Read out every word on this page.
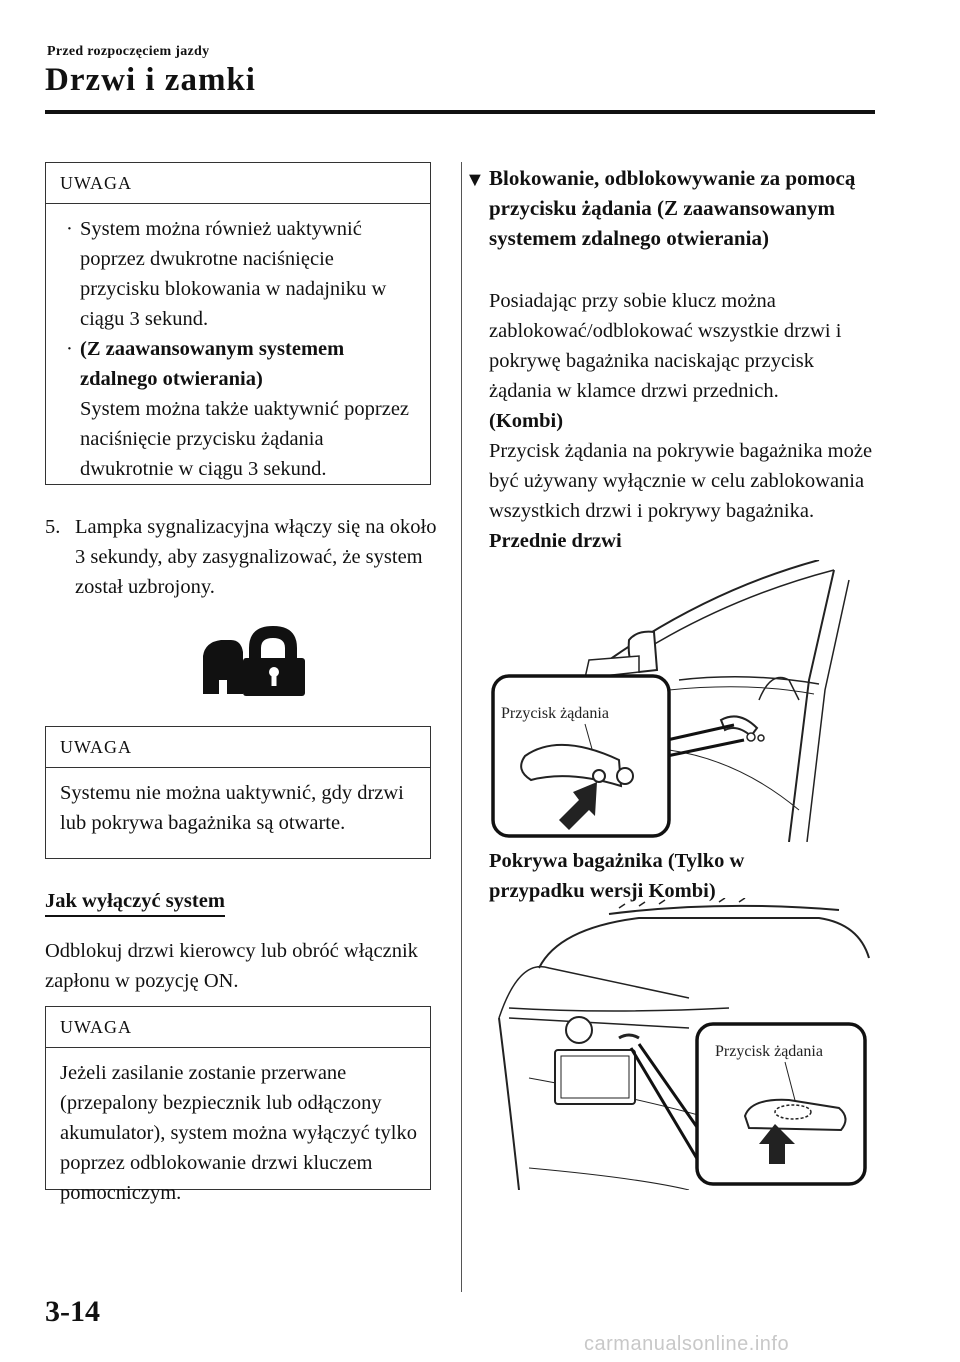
Przed rozpoczęciem jazdy
Drzwi i zamki
UWAGA

· System można również uaktywnić poprzez dwukrotne naciśnięcie przycisku blokowania w nadajniku w ciągu 3 sekund.

· (Z zaawansowanym systemem zdalnego otwierania)
System można także uaktywnić poprzez naciśnięcie przycisku żądania dwukrotnie w ciągu 3 sekund.

5. Lampka sygnalizacyjna włączy się na około 3 sekundy, aby zasygnalizować, że system został uzbrojony.
UWAGA

Systemu nie można uaktywnić, gdy drzwi lub pokrywa bagażnika są otwarte.

Jak wyłączyć system
Odblokuj drzwi kierowcy lub obróć włącznik zapłonu w pozycję ON.
UWAGA

Jeżeli zasilanie zostanie przerwane (przepalony bezpiecznik lub odłączony akumulator), system można wyłączyć tylko poprzez odblokowanie drzwi kluczem pomocniczym.

▼ Blokowanie, odblokowywanie za pomocą przycisku żądania (Z zaawansowanym systemem zdalnego otwierania)
Posiadając przy sobie klucz można zablokować/odblokować wszystkie drzwi i pokrywę bagażnika naciskając przycisk żądania w klamce drzwi przednich.
(Kombi)
Przycisk żądania na pokrywie bagażnika może być używany wyłącznie w celu zablokowania wszystkich drzwi i pokrywy bagażnika.
Przednie drzwi
Przycisk żądania
Pokrywa bagażnika (Tylko w przypadku wersji Kombi)
Przycisk żądania
3-14
carmanualsonline.info
